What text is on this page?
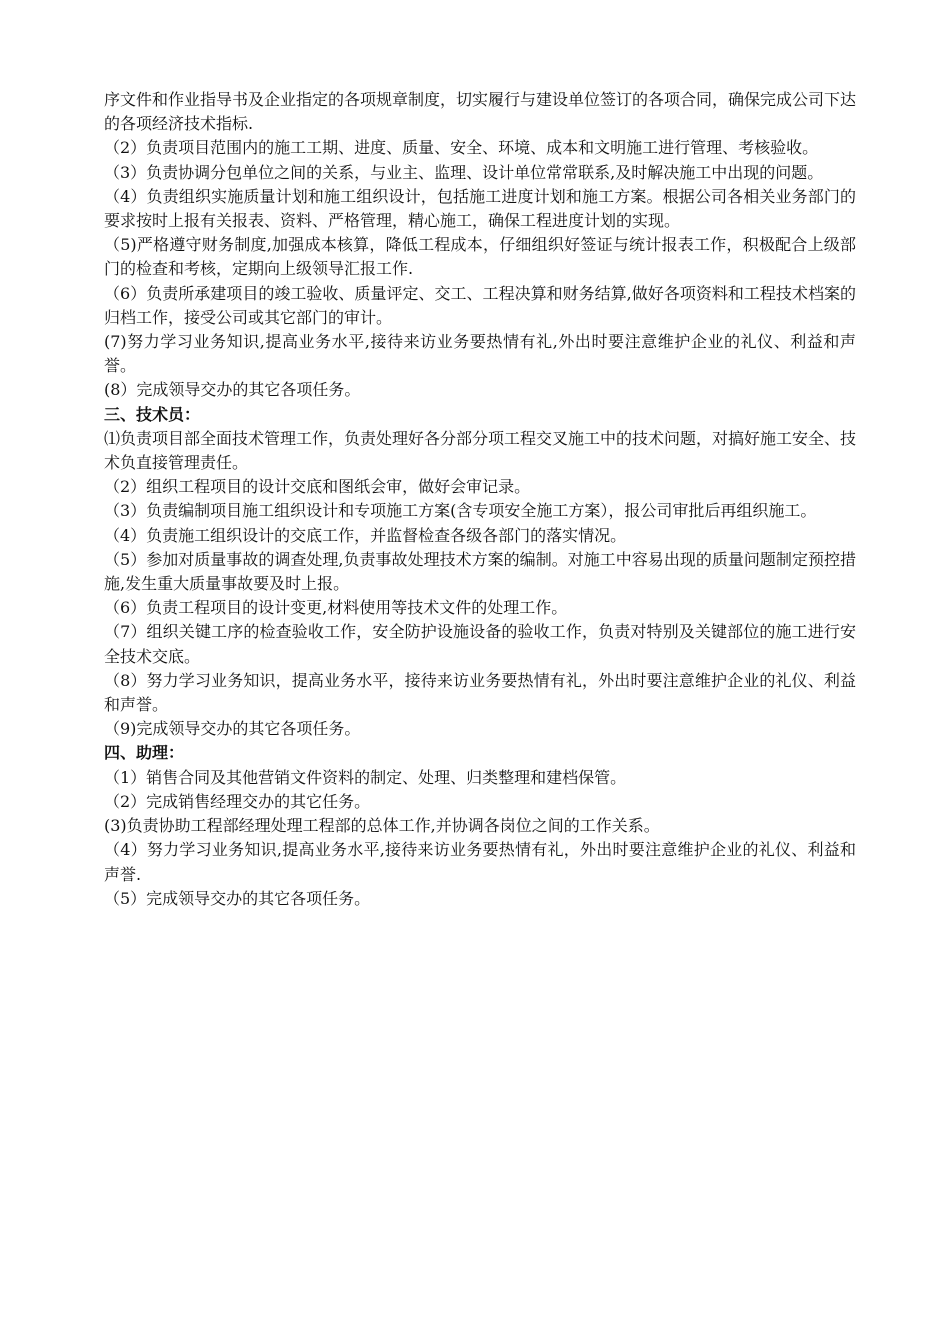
序文件和作业指导书及企业指定的各项规章制度，切实履行与建设单位签订的各项合同，确保完成公司下达的各项经济技术指标.

（2）负责项目范围内的施工工期、进度、质量、安全、环境、成本和文明施工进行管理、考核验收。

（3）负责协调分包单位之间的关系，与业主、监理、设计单位常常联系,及时解决施工中出现的问题。

（4）负责组织实施质量计划和施工组织设计，包括施工进度计划和施工方案。根据公司各相关业务部门的要求按时上报有关报表、资料、严格管理，精心施工，确保工程进度计划的实现。

（5)严格遵守财务制度,加强成本核算，降低工程成本，仔细组织好签证与统计报表工作，积极配合上级部门的检查和考核，定期向上级领导汇报工作.

（6）负责所承建项目的竣工验收、质量评定、交工、工程决算和财务结算,做好各项资料和工程技术档案的归档工作，接受公司或其它部门的审计。

(7)努力学习业务知识,提高业务水平,接待来访业务要热情有礼,外出时要注意维护企业的礼仪、利益和声誉。

(8）完成领导交办的其它各项任务。

三、技术员：

⑴负责项目部全面技术管理工作，负责处理好各分部分项工程交叉施工中的技术问题，对搞好施工安全、技术负直接管理责任。

（2）组织工程项目的设计交底和图纸会审，做好会审记录。

（3）负责编制项目施工组织设计和专项施工方案(含专项安全施工方案），报公司审批后再组织施工。

（4）负责施工组织设计的交底工作，并监督检查各级各部门的落实情况。

（5）参加对质量事故的调查处理,负责事故处理技术方案的编制。对施工中容易出现的质量问题制定预控措施,发生重大质量事故要及时上报。

（6）负责工程项目的设计变更,材料使用等技术文件的处理工作。

（7）组织关键工序的检查验收工作，安全防护设施设备的验收工作，负责对特别及关键部位的施工进行安全技术交底。

（8）努力学习业务知识，提高业务水平，接待来访业务要热情有礼，外出时要注意维护企业的礼仪、利益和声誉。

（9)完成领导交办的其它各项任务。

四、助理：

（1）销售合同及其他营销文件资料的制定、处理、归类整理和建档保管。

（2）完成销售经理交办的其它任务。

(3)负责协助工程部经理处理工程部的总体工作,并协调各岗位之间的工作关系。

（4）努力学习业务知识,提高业务水平,接待来访业务要热情有礼，外出时要注意维护企业的礼仪、利益和声誉.

（5）完成领导交办的其它各项任务。
